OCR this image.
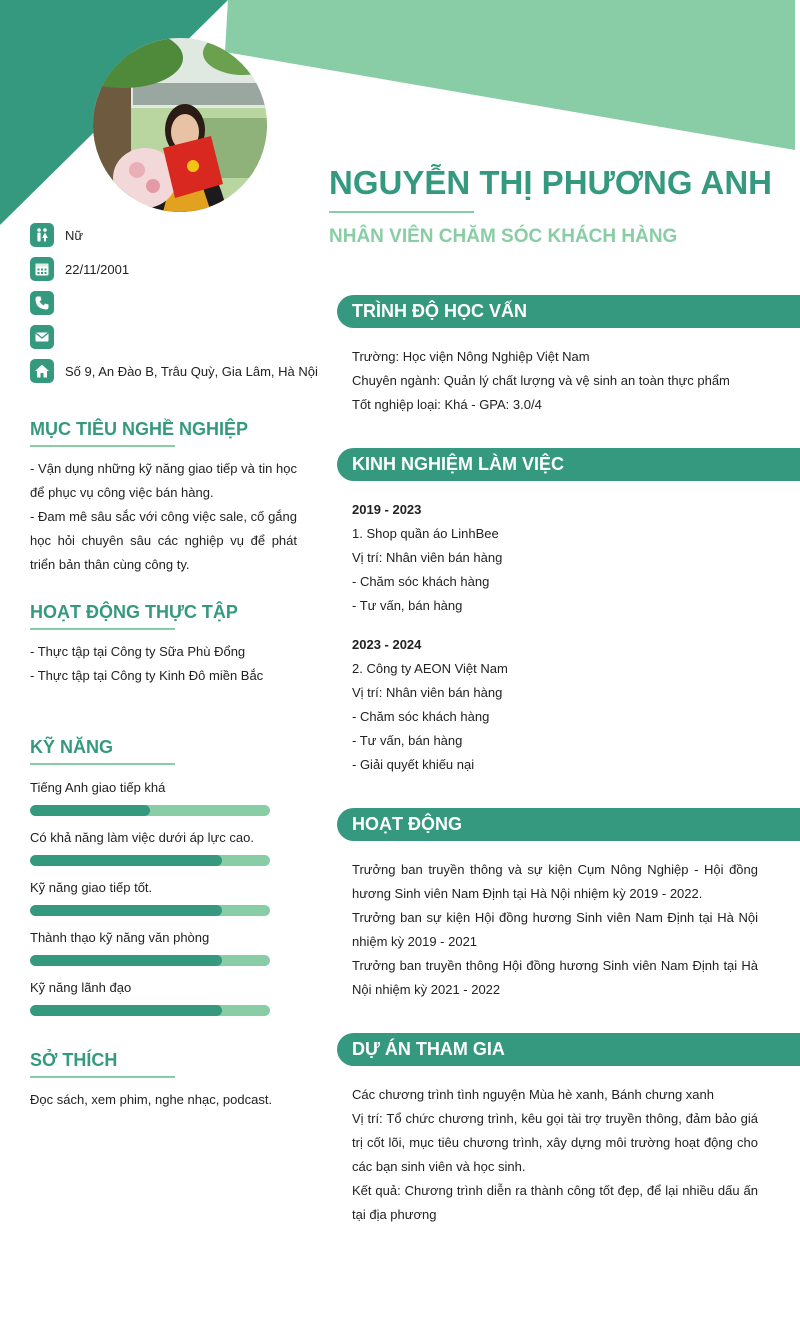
NGUYỄN THỊ PHƯƠNG ANH
NHÂN VIÊN CHĂM SÓC KHÁCH HÀNG
Nữ
22/11/2001
Số 9, An Đào B, Trâu Quỳ, Gia Lâm, Hà Nội
MỤC TIÊU NGHỀ NGHIỆP

- Vận dụng những kỹ năng giao tiếp và tin học để phục vụ công việc bán hàng.

- Đam mê sâu sắc với công việc sale, cố gắng học hỏi chuyên sâu các nghiệp vụ để phát triển bản thân cùng công ty.

HOẠT ĐỘNG THỰC TẬP

- Thực tập tại Công ty Sữa Phù Đổng

- Thực tập tại Công ty Kinh Đô miền Bắc

KỸ NĂNG
Tiếng Anh giao tiếp khá
Có khả năng làm việc dưới áp lực cao.
Kỹ năng giao tiếp tốt.
Thành thạo kỹ năng văn phòng
Kỹ năng lãnh đạo
SỞ THÍCH

Đọc sách, xem phim, nghe nhạc, podcast.

TRÌNH ĐỘ HỌC VẤN

Trường: Học viện Nông Nghiệp Việt Nam

Chuyên ngành: Quản lý chất lượng và vệ sinh an toàn thực phẩm

Tốt nghiệp loại: Khá - GPA: 3.0/4

KINH NGHIỆM LÀM VIỆC

2019 - 2023

1. Shop quần áo LinhBee

Vị trí: Nhân viên bán hàng

- Chăm sóc khách hàng

- Tư vấn, bán hàng

2023 - 2024

2. Công ty AEON Việt Nam

Vị trí: Nhân viên bán hàng

- Chăm sóc khách hàng

- Tư vấn, bán hàng

- Giải quyết khiếu nại

HOẠT ĐỘNG

Trưởng ban truyền thông và sự kiện Cụm Nông Nghiệp - Hội đồng hương Sinh viên Nam Định tại Hà Nội nhiệm kỳ 2019 - 2022.

Trưởng ban sự kiện Hội đồng hương Sinh viên Nam Định tại Hà Nội nhiệm kỳ 2019 - 2021

Trưởng ban truyền thông Hội đồng hương Sinh viên Nam Định tại Hà Nội nhiệm kỳ 2021 - 2022

DỰ ÁN THAM GIA

Các chương trình tình nguyện Mùa hè xanh, Bánh chưng xanh

Vị trí: Tổ chức chương trình, kêu gọi tài trợ truyền thông, đảm bảo giá trị cốt lõi, mục tiêu chương trình, xây dựng môi trường hoạt động cho các bạn sinh viên và học sinh.

Kết quả: Chương trình diễn ra thành công tốt đẹp, để lại nhiều dấu ấn tại địa phương
